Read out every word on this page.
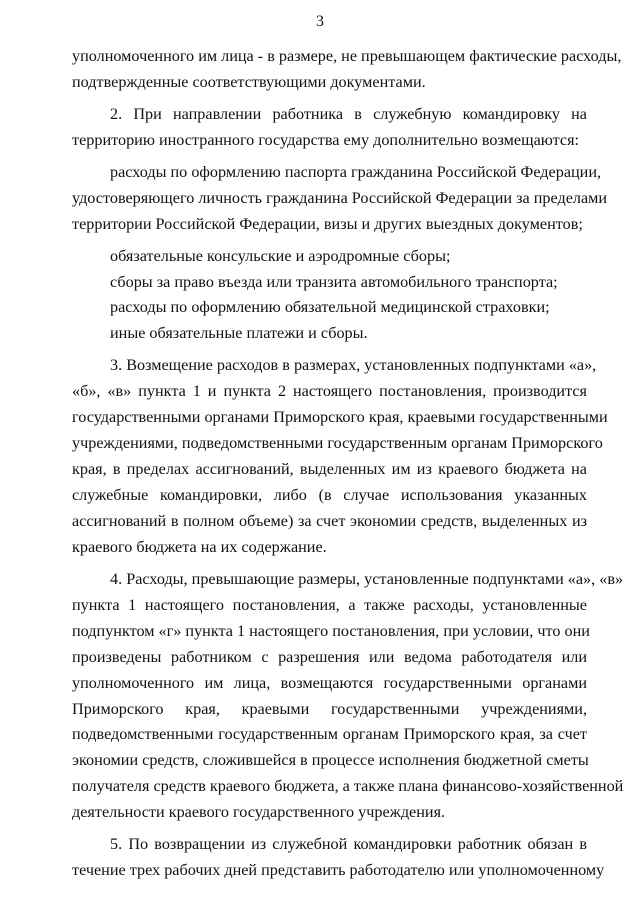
3
уполномоченного им лица - в размере, не превышающем фактические расходы,
подтвержденные соответствующими документами.
2. При направлении работника в служебную командировку на
территорию иностранного государства ему дополнительно возмещаются:
расходы по оформлению паспорта гражданина Российской Федерации,
удостоверяющего личность гражданина Российской Федерации за пределами
территории Российской Федерации, визы и других выездных документов;
обязательные консульские и аэродромные сборы;
сборы за право въезда или транзита автомобильного транспорта;
расходы по оформлению обязательной медицинской страховки;
иные обязательные платежи и сборы.
3. Возмещение расходов в размерах, установленных подпунктами «а»,
«б», «в» пункта 1 и пункта 2 настоящего постановления, производится
государственными органами Приморского края, краевыми государственными
учреждениями, подведомственными государственным органам Приморского
края, в пределах ассигнований, выделенных им из краевого бюджета на
служебные командировки, либо (в случае использования указанных
ассигнований в полном объеме) за счет экономии средств, выделенных из
краевого бюджета на их содержание.
4. Расходы, превышающие размеры, установленные подпунктами «а», «в»
пункта 1 настоящего постановления, а также расходы, установленные
подпунктом «г» пункта 1 настоящего постановления, при условии, что они
произведены работником с разрешения или ведома работодателя или
уполномоченного им лица, возмещаются государственными органами
Приморского края, краевыми государственными учреждениями,
подведомственными государственным органам Приморского края, за счет
экономии средств, сложившейся в процессе исполнения бюджетной сметы
получателя средств краевого бюджета, а также плана финансово-хозяйственной
деятельности краевого государственного учреждения.
5. По возвращении из служебной командировки работник обязан в
течение трех рабочих дней представить работодателю или уполномоченному
